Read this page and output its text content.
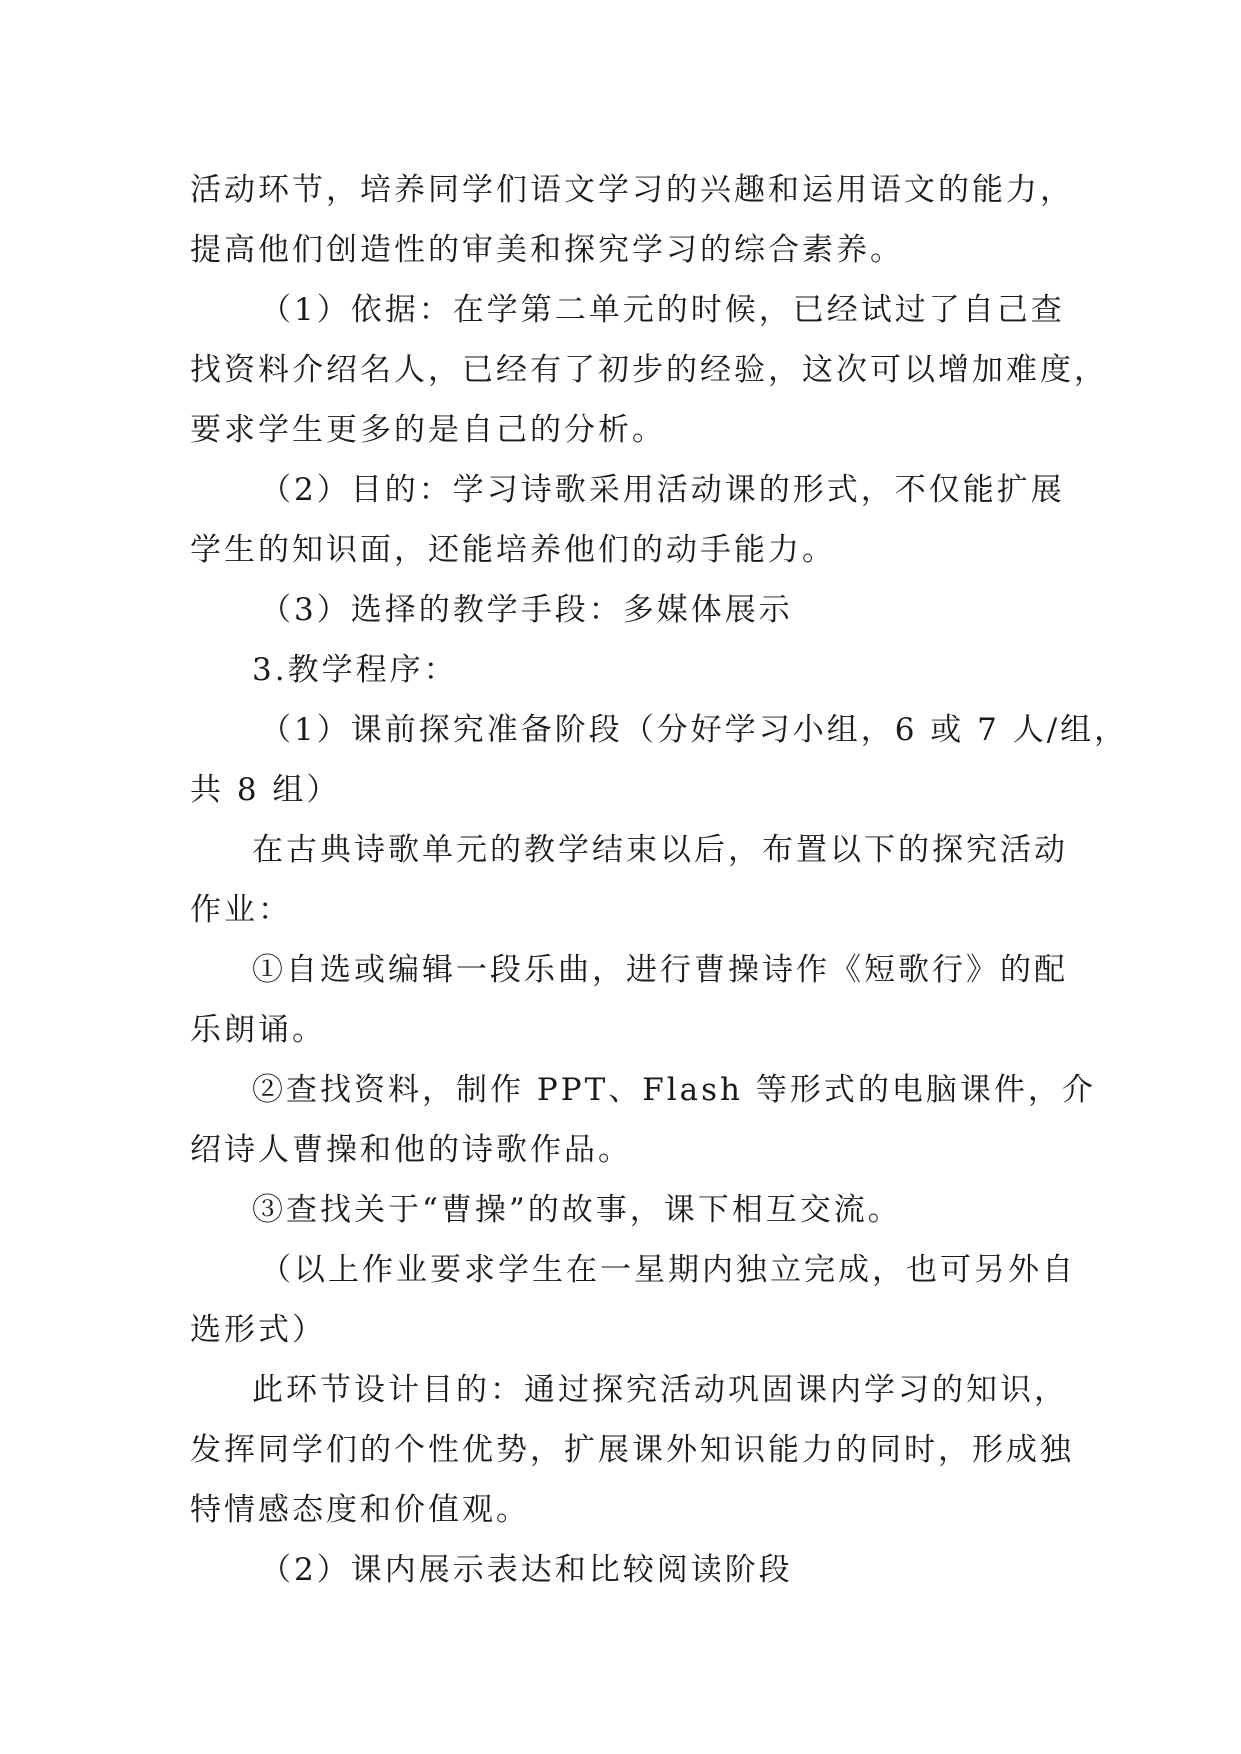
活动环节，培养同学们语文学习的兴趣和运用语文的能力，
提高他们创造性的审美和探究学习的综合素养。
（1）依据：在学第二单元的时候，已经试过了自己查
找资料介绍名人，已经有了初步的经验，这次可以增加难度，
要求学生更多的是自己的分析。
（2）目的：学习诗歌采用活动课的形式，不仅能扩展
学生的知识面，还能培养他们的动手能力。
（3）选择的教学手段：多媒体展示
3.教学程序：
（1）课前探究准备阶段（分好学习小组，6 或 7 人/组，
共 8 组）
在古典诗歌单元的教学结束以后，布置以下的探究活动
作业：
①自选或编辑一段乐曲，进行曹操诗作《短歌行》的配
乐朗诵。
②查找资料，制作 PPT、Flash 等形式的电脑课件，介
绍诗人曹操和他的诗歌作品。
③查找关于“曹操”的故事，课下相互交流。
（以上作业要求学生在一星期内独立完成，也可另外自
选形式）
此环节设计目的：通过探究活动巩固课内学习的知识，
发挥同学们的个性优势，扩展课外知识能力的同时，形成独
特情感态度和价值观。
（2）课内展示表达和比较阅读阶段
